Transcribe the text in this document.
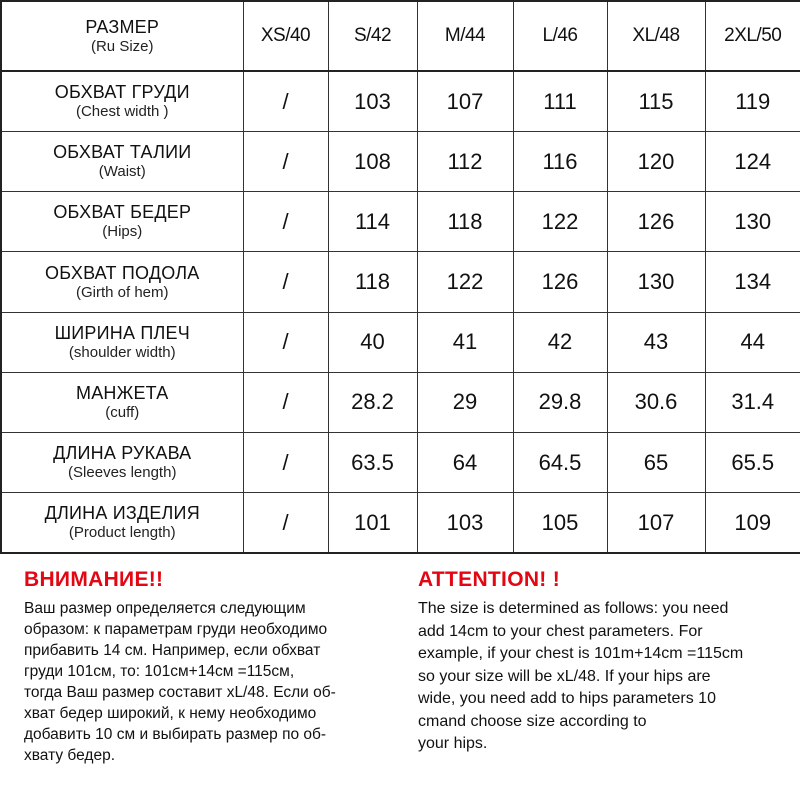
РАЗМЕР
(Ru Size)	XS/40	S/42	M/44	L/46	XL/48	2XL/50

ОБХВАТ ГРУДИ
(Chest width )	/	103	107	111	115	119

ОБХВАТ ТАЛИИ
(Waist)	/	108	112	116	120	124

ОБХВАТ БЕДЕР
(Hips)	/	114	118	122	126	130

ОБХВАТ ПОДОЛА
(Girth of hem)	/	118	122	126	130	134

ШИРИНА ПЛЕЧ
(shoulder width)	/	40	41	42	43	44

МАНЖЕТА
(cuff)	/	28.2	29	29.8	30.6	31.4

ДЛИНА РУКАВА
(Sleeves length)	/	63.5	64	64.5	65	65.5

ДЛИНА ИЗДЕЛИЯ
(Product length)	/	101	103	105	107	109
ВНИМАНИЕ!!
Ваш размер определяется следующим
образом: к параметрам груди необходимо
прибавить 14 см. Например, если обхват
груди 101см, то: 101см+14см =115см,
тогда Ваш размер составит xL/48. Если об-
хват бедер широкий, к нему необходимо
добавить 10 см и выбирать размер по об-
хвату бедер.
ATTENTION! !
The size is determined as follows: you need
add 14cm to your chest parameters. For
example, if your chest is 101m+14cm =115cm
so your size will be xL/48. If your hips are
wide, you need add to hips parameters 10
cmand choose size according to
your hips.
